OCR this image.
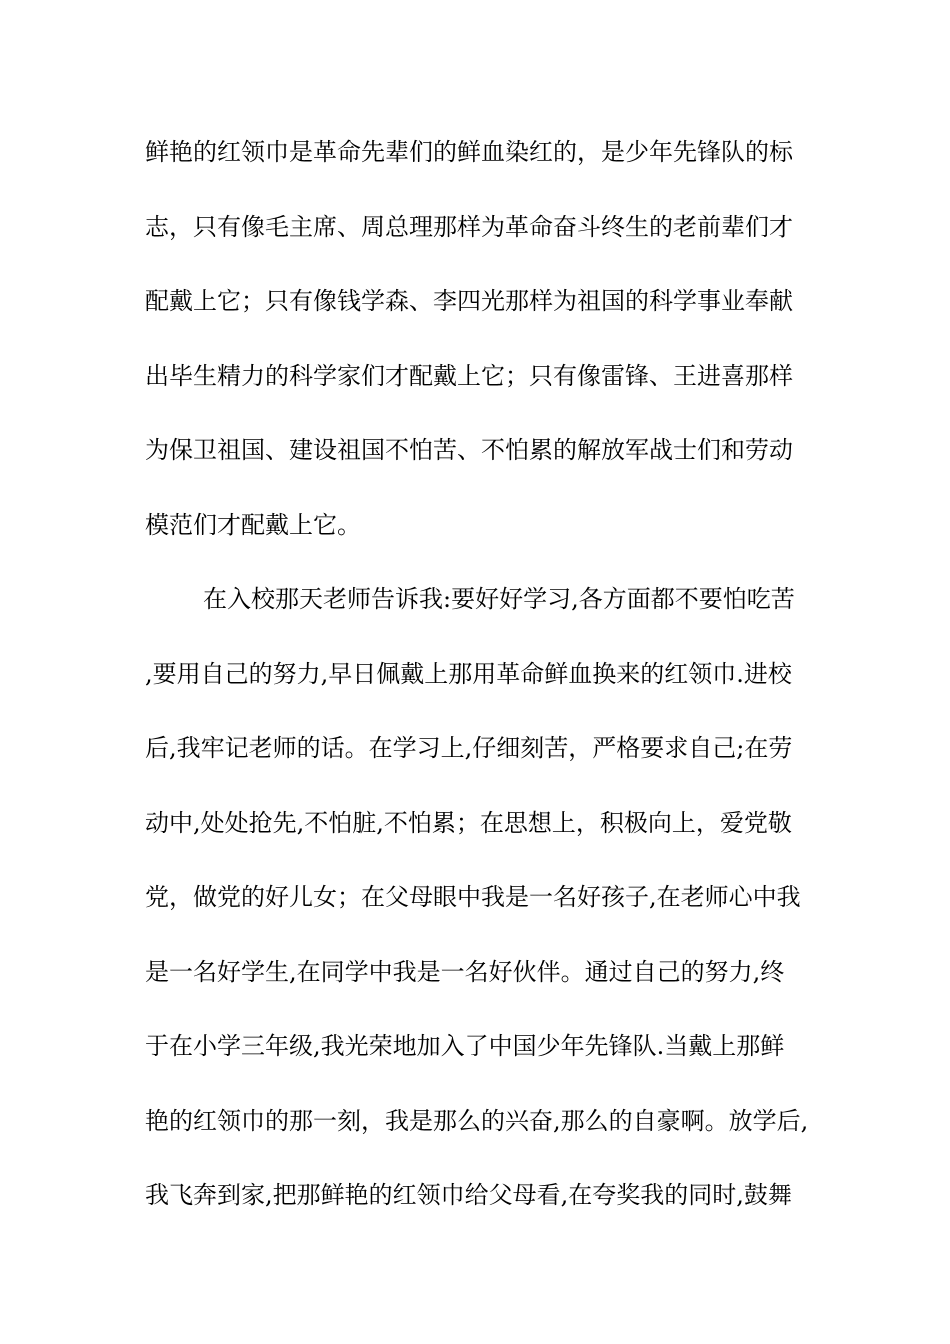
鲜艳的红领巾是革命先辈们的鲜血染红的，是少年先锋队的标
志，只有像毛主席、周总理那样为革命奋斗终生的老前辈们才
配戴上它；只有像钱学森、李四光那样为祖国的科学事业奉献
出毕生精力的科学家们才配戴上它；只有像雷锋、王进喜那样
为保卫祖国、建设祖国不怕苦、不怕累的解放军战士们和劳动
模范们才配戴上它。
在入校那天老师告诉我:要好好学习,各方面都不要怕吃苦
,要用自己的努力,早日佩戴上那用革命鲜血换来的红领巾.进校
后,我牢记老师的话。在学习上,仔细刻苦，严格要求自己;在劳
动中,处处抢先,不怕脏,不怕累；在思想上，积极向上，爱党敬
党，做党的好儿女；在父母眼中我是一名好孩子,在老师心中我
是一名好学生,在同学中我是一名好伙伴。通过自己的努力,终
于在小学三年级,我光荣地加入了中国少年先锋队.当戴上那鲜
艳的红领巾的那一刻，我是那么的兴奋,那么的自豪啊。放学后,
我飞奔到家,把那鲜艳的红领巾给父母看,在夸奖我的同时,鼓舞
